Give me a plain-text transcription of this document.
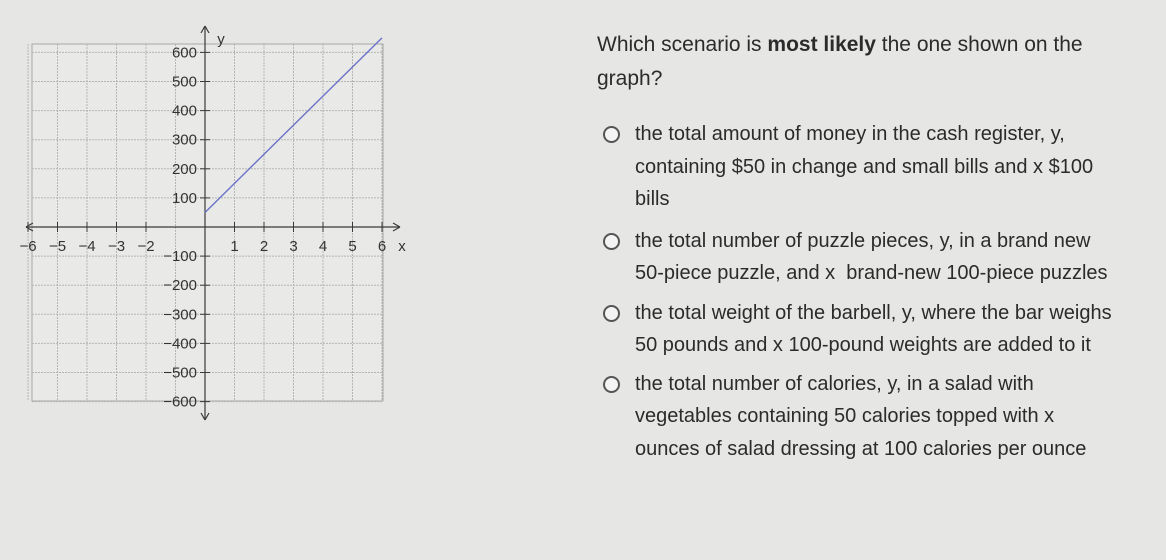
−6 −5 −4 −3 −2	1 2 3 4 5 6
600
500
400
300
200
100
−100
−200
−300
−400
−500
−600
x
y	Which scenario is most likely the one shown on the graph?

the total amount of money in the cash register, y,
containing $50 in change and small bills and x $100
bills
the total number of puzzle pieces, y, in a brand new
50-piece puzzle, and x  brand-new 100-piece puzzles
the total weight of the barbell, y, where the bar weighs
50 pounds and x 100-pound weights are added to it
the total number of calories, y, in a salad with
vegetables containing 50 calories topped with x
ounces of salad dressing at 100 calories per ounce
